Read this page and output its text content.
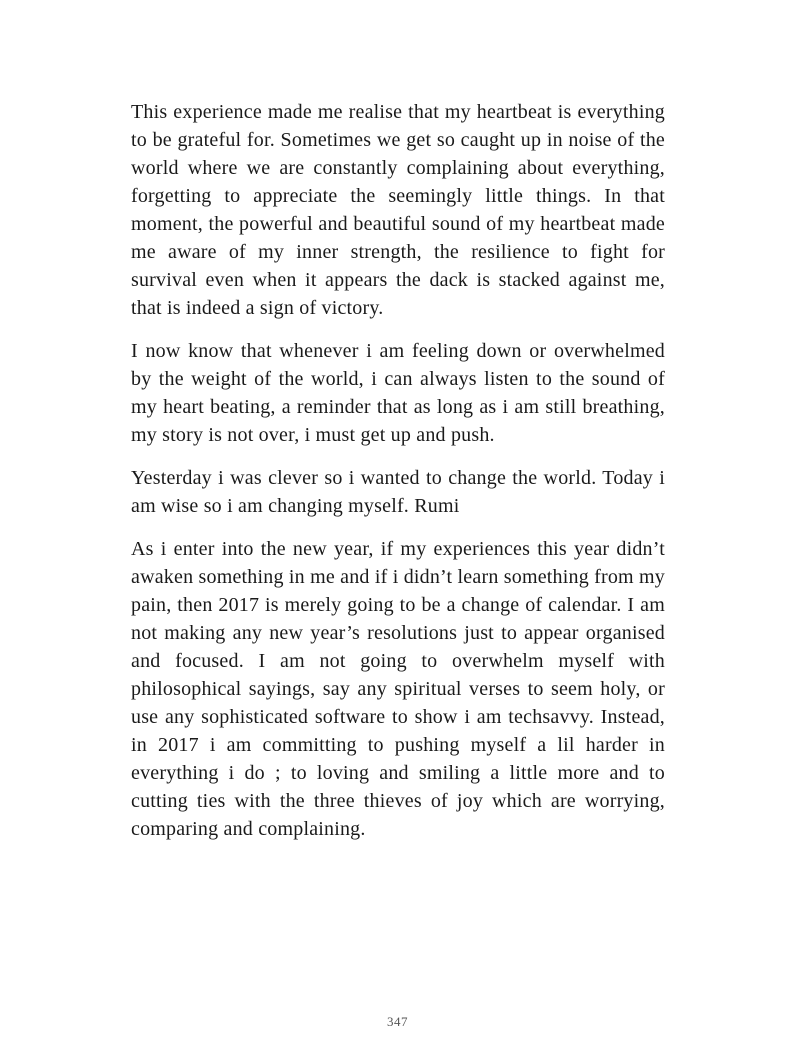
This experience made me realise that my heartbeat is everything to be grateful for. Sometimes we get so caught up in noise of the world where we are constantly complaining about everything, forgetting to appreciate the seemingly little things. In that moment, the powerful and beautiful sound of my heartbeat made me aware of my inner strength, the resilience to fight for survival even when it appears the dack is stacked against me, that is indeed a sign of victory.

I now know that whenever i am feeling down or overwhelmed by the weight of the world, i can always listen to the sound of my heart beating, a reminder that as long as i am still breathing, my story is not over, i must get up and push.

Yesterday i was clever so i wanted to change the world. Today i am wise so i am changing myself. Rumi

As i enter into the new year, if my experiences this year didn’t awaken something in me and if i didn’t learn something from my pain, then 2017 is merely going to be a change of calendar. I am not making any new year’s resolutions just to appear organised and focused. I am not going to overwhelm myself with philosophical sayings, say any spiritual verses to seem holy, or use any sophisticated software to show i am techsavvy. Instead, in 2017 i am committing to pushing myself a lil harder in everything i do ; to loving and smiling a little more and to cutting ties with the three thieves of joy which are worrying, comparing and complaining.

347
